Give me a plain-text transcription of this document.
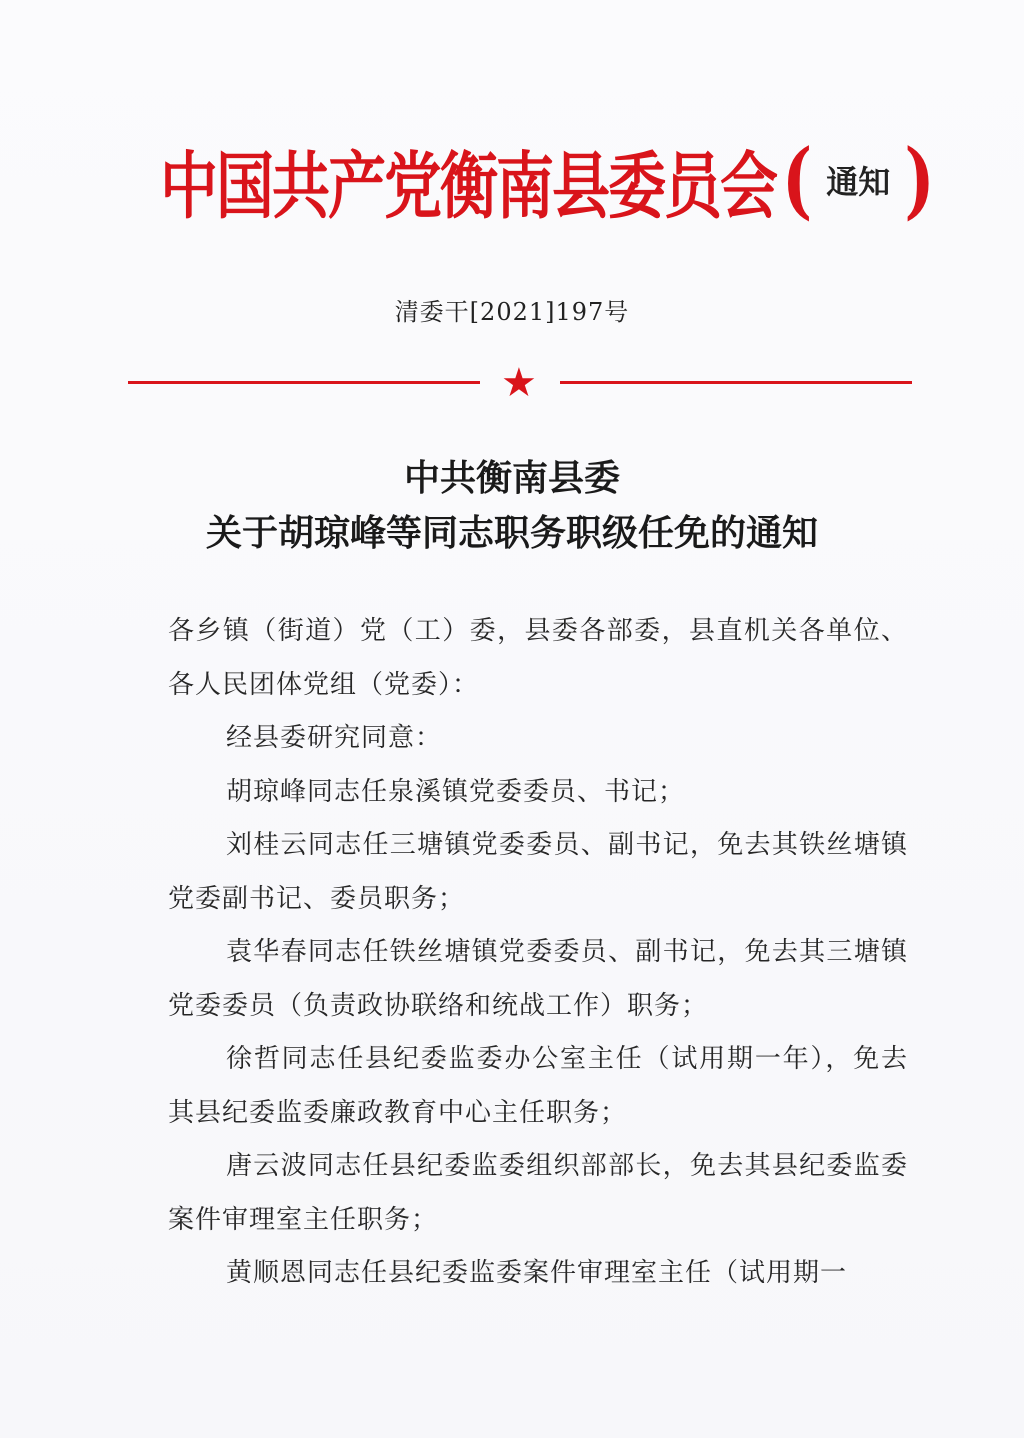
中国共产党衡南县委员会 ( 通知 )
清委干[2021]197号
★
中共衡南县委
关于胡琼峰等同志职务职级任免的通知

各乡镇（街道）党（工）委，县委各部委，县直机关各单位、各人民团体党组（党委）：

经县委研究同意：

胡琼峰同志任泉溪镇党委委员、书记；

刘桂云同志任三塘镇党委委员、副书记，免去其铁丝塘镇党委副书记、委员职务；

袁华春同志任铁丝塘镇党委委员、副书记，免去其三塘镇党委委员（负责政协联络和统战工作）职务；

徐哲同志任县纪委监委办公室主任（试用期一年），免去其县纪委监委廉政教育中心主任职务；

唐云波同志任县纪委监委组织部部长，免去其县纪委监委案件审理室主任职务；

黄顺恩同志任县纪委监委案件审理室主任（试用期一
